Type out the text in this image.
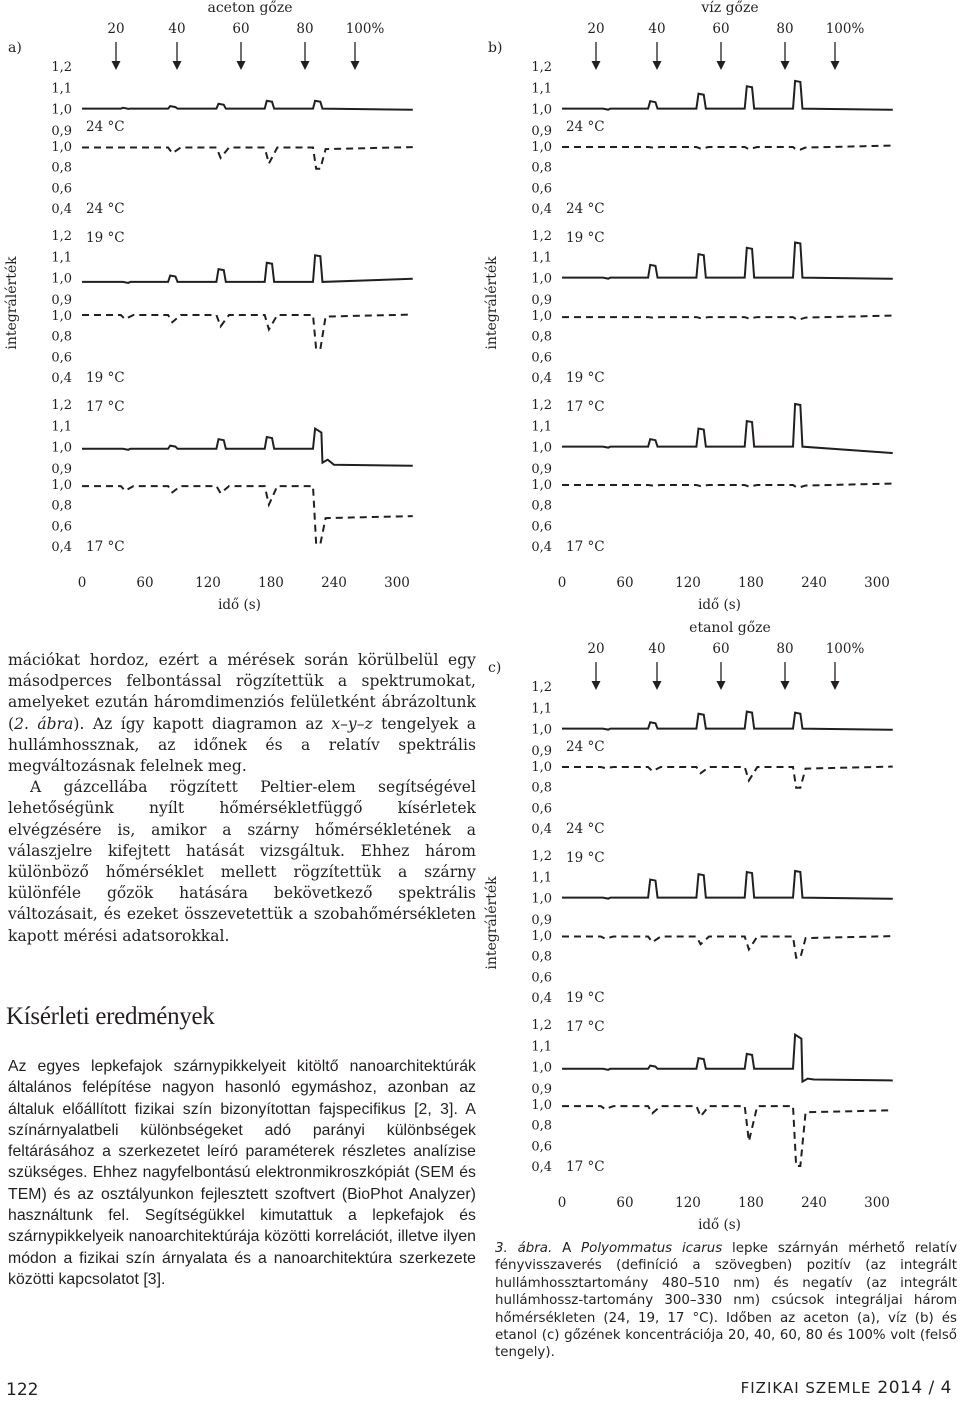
a)
aceton gőze
20	40	60	80 100%
integrálérték
1,2
1,1
1,0
0,9
1,0
0,8
0,6
0,4
24 °C
24 °C
1,2
1,1
1,0
0,9
1,0
0,8
0,6
0,4
19 °C
19 °C
1,2
1,1
1,0
0,9
1,0
0,8
0,6
0,4
17 °C
17 °C
0	60	120	180	240	300
idő (s)
b)
víz gőze
20	40	60	80 100%
integrálérték
1,2
1,1
1,0
0,9
1,0
0,8
0,6
0,4
24 °C
24 °C
1,2
1,1
1,0
0,9
1,0
0,8
0,6
0,4
19 °C
19 °C
1,2
1,1
1,0
0,9
1,0
0,8
0,6
0,4
17 °C
17 °C
0	60	120	180	240	300
idő (s)
c)
etanol gőze
20	40	60	80 100%
integrálérték
1,2
1,1
1,0
0,9
1,0
0,8
0,6
0,4
24 °C
24 °C
1,2
1,1
1,0
0,9
1,0
0,8
0,6
0,4
19 °C
19 °C
1,2
1,1
1,0
0,9
1,0
0,8
0,6
0,4
17 °C
17 °C
0	60	120	180	240	300
idő (s)

mációkat hordoz, ezért a mérések során körülbelül egy másodperces felbontással rögzítettük a spektrumokat, amelyeket ezután háromdimenziós felületként ábrázoltunk (2. ábra). Az így kapott diagramon az x–y–z tengelyek a hullámhossznak, az időnek és a relatív spektrális megváltozásnak felelnek meg.

A gázcellába rögzített Peltier-elem segítségével lehetőségünk nyílt hőmérsékletfüggő kísérletek elvégzésére is, amikor a szárny hőmérsékletének a válaszjelre kifejtett hatását vizsgáltuk. Ehhez három különböző hőmérséklet mellett rögzítettük a szárny különféle gőzök hatására bekövetkező spektrális változásait, és ezeket összevetettük a szobahőmérsékleten kapott mérési adatsorokkal.

Kísérleti eredmények

Az egyes lepkefajok szárnypikkelyeit kitöltő nanoarchitektúrák általános felépítése nagyon hasonló egymáshoz, azonban az általuk előállított fizikai szín bizonyítottan fajspecifikus [2, 3]. A színárnyalatbeli különbségeket adó parányi különbségek feltárásához a szerkezetet leíró paraméterek részletes analízise szükséges. Ehhez nagyfelbontású elektronmikroszkópiát (SEM és TEM) és az osztályunkon fejlesztett szoftvert (BioPhot Analyzer) használtunk fel. Segítségükkel kimutattuk a lepkefajok és szárnypikkelyeik nanoarchitektúrája közötti korrelációt, illetve ilyen módon a fizikai szín árnyalata és a nanoarchitektúra szerkezete közötti kapcsolatot [3].

3. ábra. A Polyommatus icarus lepke szárnyán mérhető relatív fényvisszaverés (definíció a szövegben) pozitív (az integrált hullámhossztartomány 480–510 nm) és negatív (az integrált hullámhossz-tartomány 300–330 nm) csúcsok integráljai három hőmérsékleten (24, 19, 17 °C). Időben az aceton (a), víz (b) és etanol (c) gőzének koncentrációja 20, 40, 60, 80 és 100% volt (felső tengely).
122	FIZIKAI SZEMLE 2014 / 4
